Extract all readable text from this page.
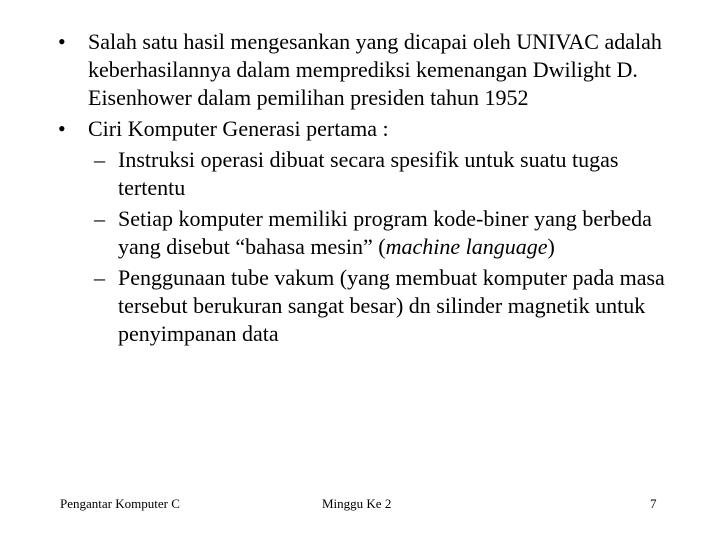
• Salah satu hasil mengesankan yang dicapai oleh UNIVAC adalah keberhasilannya dalam memprediksi kemenangan Dwilight D. Eisenhower dalam pemilihan presiden tahun 1952

• Ciri Komputer Generasi pertama :

– Instruksi operasi dibuat secara spesifik untuk suatu tugas tertentu

– Setiap komputer memiliki program kode-biner yang berbeda yang disebut “bahasa mesin” (machine language)

– Penggunaan tube vakum (yang membuat komputer pada masa tersebut berukuran sangat besar) dn silinder magnetik untuk penyimpanan data

Pengantar Komputer C	Minggu Ke 2	7
